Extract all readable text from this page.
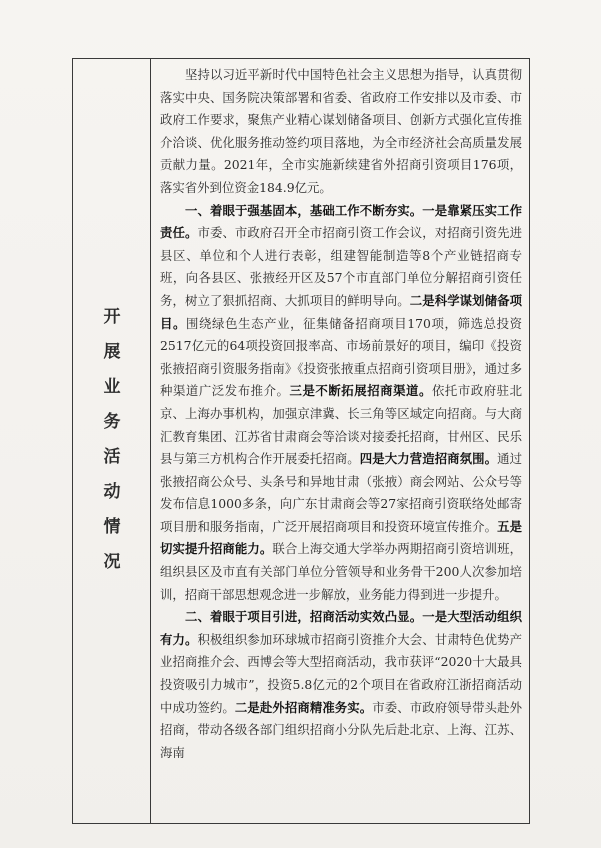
开
展
业
务
活
动
情
况

坚持以习近平新时代中国特色社会主义思想为指导，认真贯彻落实中央、国务院决策部署和省委、省政府工作安排以及市委、市政府工作要求，聚焦产业精心谋划储备项目、创新方式强化宣传推介洽谈、优化服务推动签约项目落地，为全市经济社会高质量发展贡献力量。2021年，全市实施新续建省外招商引资项目176项，落实省外到位资金184.9亿元。

一、着眼于强基固本，基础工作不断夯实。一是靠紧压实工作责任。市委、市政府召开全市招商引资工作会议，对招商引资先进县区、单位和个人进行表彰，组建智能制造等8个产业链招商专班，向各县区、张掖经开区及57个市直部门单位分解招商引资任务，树立了狠抓招商、大抓项目的鲜明导向。二是科学谋划储备项目。围绕绿色生态产业，征集储备招商项目170项，筛选总投资2517亿元的64项投资回报率高、市场前景好的项目，编印《投资张掖招商引资服务指南》《投资张掖重点招商引资项目册》，通过多种渠道广泛发布推介。三是不断拓展招商渠道。依托市政府驻北京、上海办事机构，加强京津冀、长三角等区域定向招商。与大商汇教育集团、江苏省甘肃商会等洽谈对接委托招商，甘州区、民乐县与第三方机构合作开展委托招商。四是大力营造招商氛围。通过张掖招商公众号、头条号和异地甘肃（张掖）商会网站、公众号等发布信息1000多条，向广东甘肃商会等27家招商引资联络处邮寄项目册和服务指南，广泛开展招商项目和投资环境宣传推介。五是切实提升招商能力。联合上海交通大学举办两期招商引资培训班，组织县区及市直有关部门单位分管领导和业务骨干200人次参加培训，招商干部思想观念进一步解放，业务能力得到进一步提升。

二、着眼于项目引进，招商活动实效凸显。一是大型活动组织有力。积极组织参加环球城市招商引资推介大会、甘肃特色优势产业招商推介会、西博会等大型招商活动，我市获评“2020十大最具投资吸引力城市”，投资5.8亿元的2个项目在省政府江浙招商活动中成功签约。二是赴外招商精准务实。市委、市政府领导带头赴外招商，带动各级各部门组织招商小分队先后赴北京、上海、江苏、海南
